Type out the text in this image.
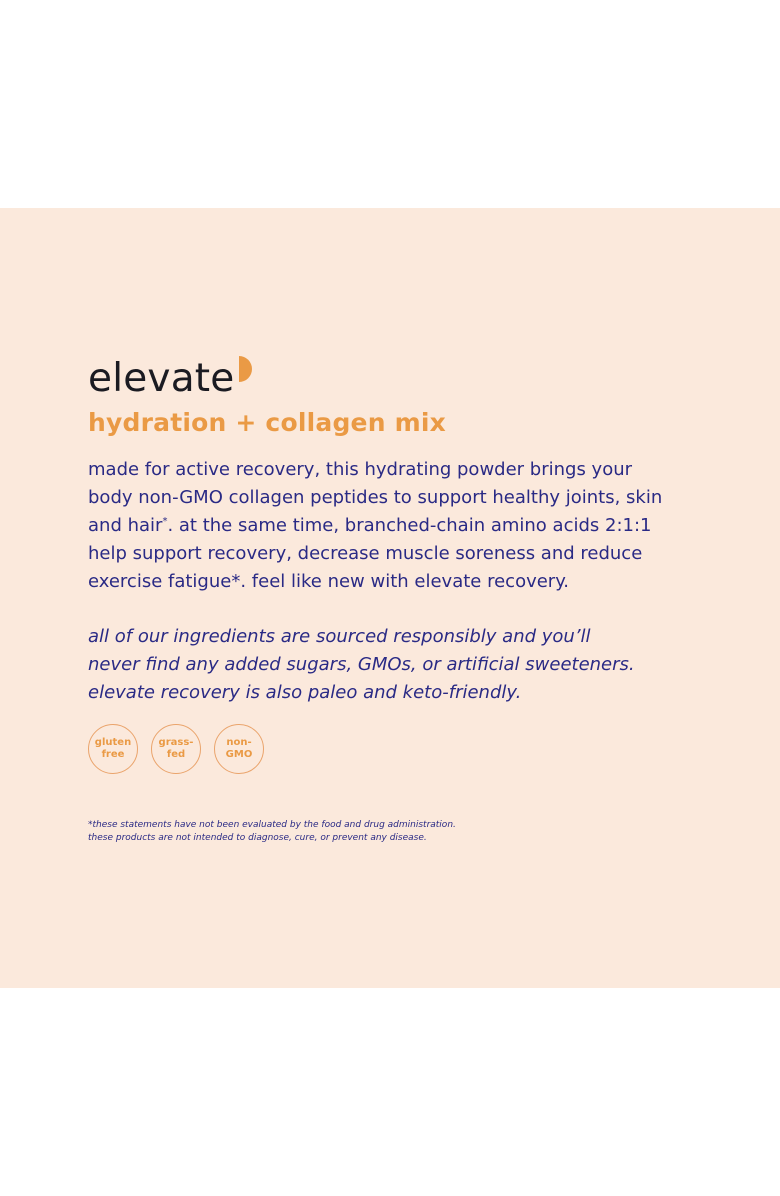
elevate
hydration + collagen mix
made for active recovery, this hydrating powder brings your
body non-GMO collagen peptides to support healthy joints, skin
and hair*. at the same time, branched-chain amino acids 2:1:1
help support recovery, decrease muscle soreness and reduce
exercise fatigue*. feel like new with elevate recovery.
all of our ingredients are sourced responsibly and you’ll
never find any added sugars, GMOs, or artificial sweeteners.
elevate recovery is also paleo and keto-friendly.
gluten
free
grass-
fed
non-
GMO
*these statements have not been evaluated by the food and drug administration.
these products are not intended to diagnose, cure, or prevent any disease.
